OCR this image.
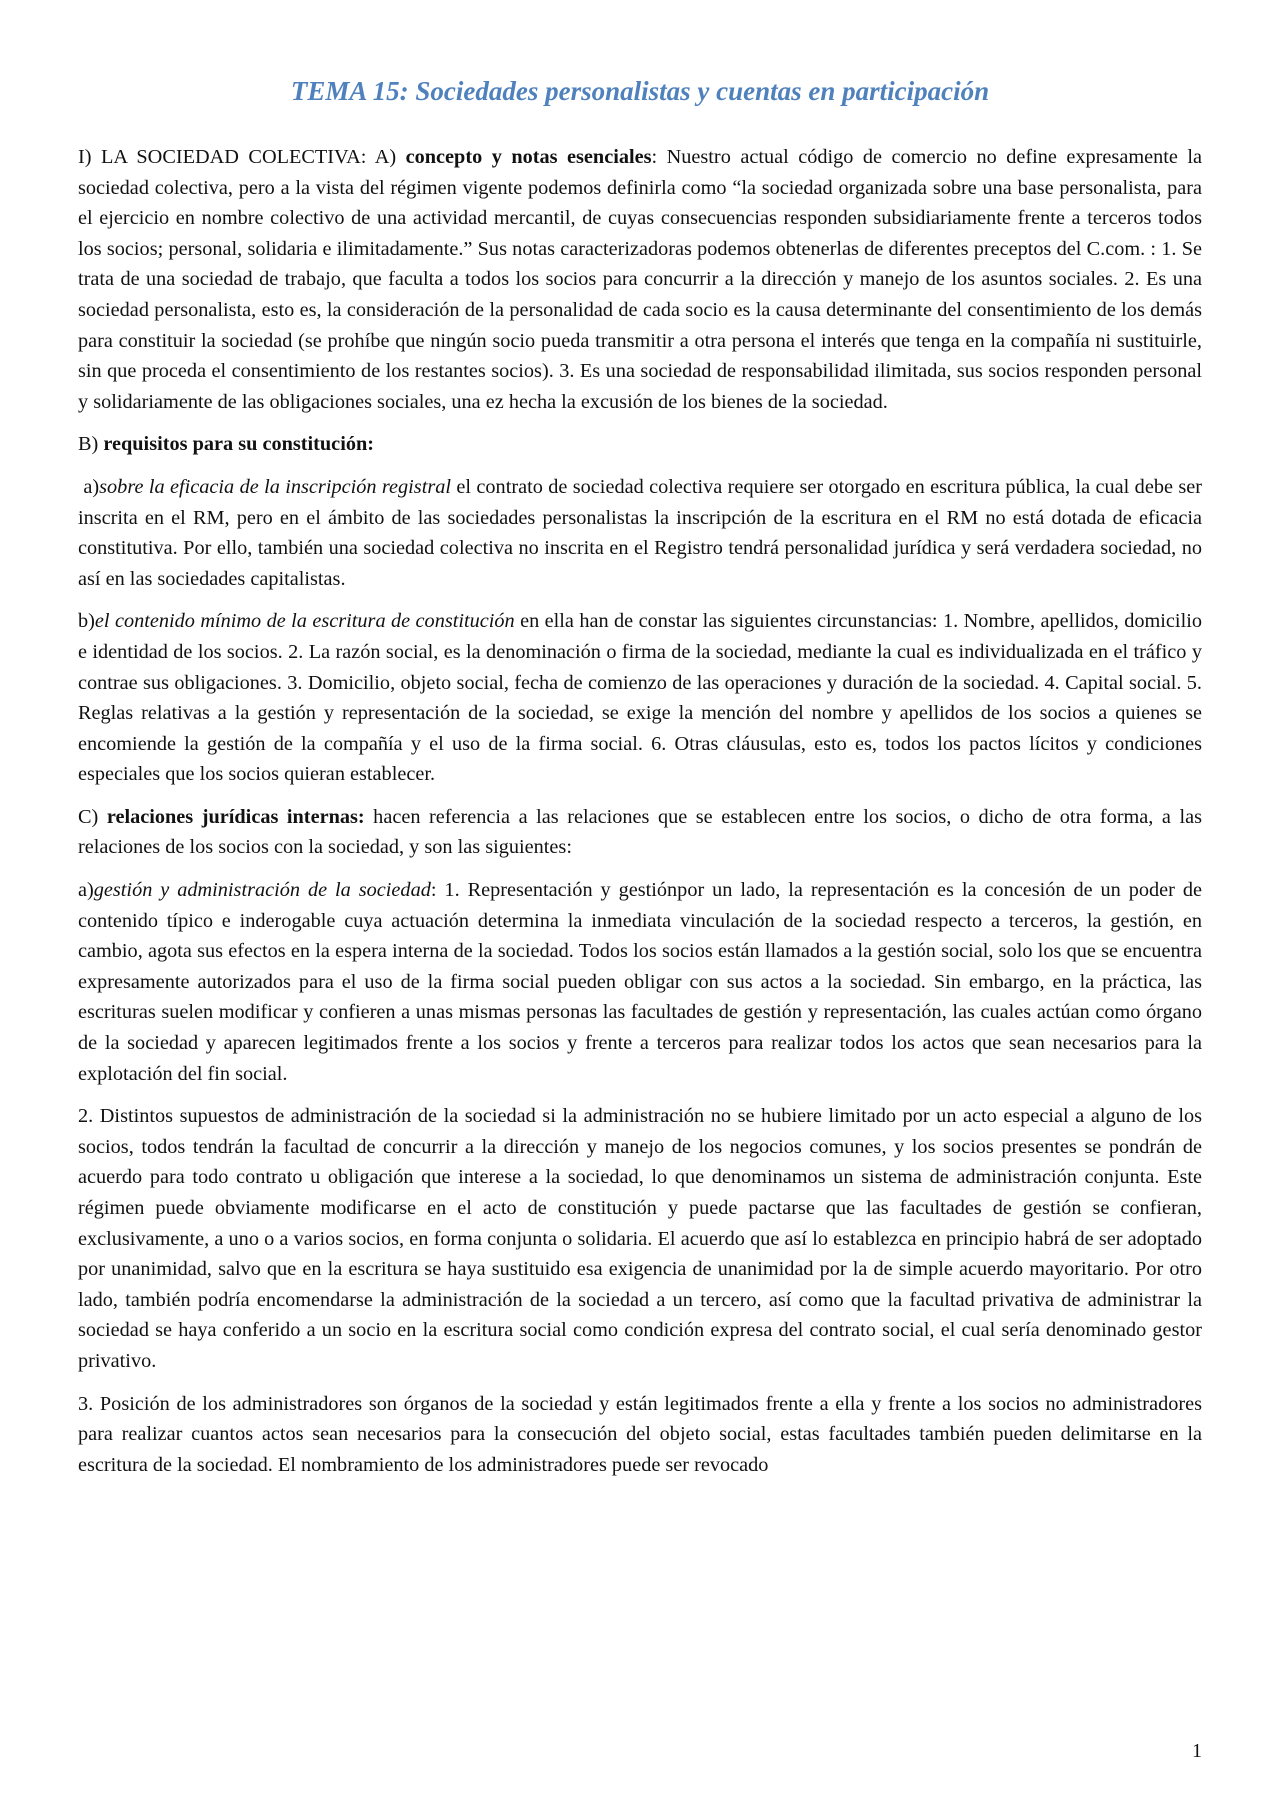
TEMA 15: Sociedades personalistas y cuentas en participación

I) LA SOCIEDAD COLECTIVA: A) concepto y notas esenciales: Nuestro actual código de comercio no define expresamente la sociedad colectiva, pero a la vista del régimen vigente podemos definirla como “la sociedad organizada sobre una base personalista, para el ejercicio en nombre colectivo de una actividad mercantil, de cuyas consecuencias responden subsidiariamente frente a terceros todos los socios; personal, solidaria e ilimitadamente.” Sus notas caracterizadoras podemos obtenerlas de diferentes preceptos del C.com. : 1. Se trata de una sociedad de trabajo, que faculta a todos los socios para concurrir a la dirección y manejo de los asuntos sociales. 2. Es una sociedad personalista, esto es, la consideración de la personalidad de cada socio es la causa determinante del consentimiento de los demás para constituir la sociedad (se prohíbe que ningún socio pueda transmitir a otra persona el interés que tenga en la compañía ni sustituirle, sin que proceda el consentimiento de los restantes socios). 3. Es una sociedad de responsabilidad ilimitada, sus socios responden personal y solidariamente de las obligaciones sociales, una ez hecha la excusión de los bienes de la sociedad.

B) requisitos para su constitución:

a)sobre la eficacia de la inscripción registral el contrato de sociedad colectiva requiere ser otorgado en escritura pública, la cual debe ser inscrita en el RM, pero en el ámbito de las sociedades personalistas la inscripción de la escritura en el RM no está dotada de eficacia constitutiva. Por ello, también una sociedad colectiva no inscrita en el Registro tendrá personalidad jurídica y será verdadera sociedad, no así en las sociedades capitalistas.

b)el contenido mínimo de la escritura de constitución en ella han de constar las siguientes circunstancias: 1. Nombre, apellidos, domicilio e identidad de los socios. 2. La razón social, es la denominación o firma de la sociedad, mediante la cual es individualizada en el tráfico y contrae sus obligaciones. 3. Domicilio, objeto social, fecha de comienzo de las operaciones y duración de la sociedad. 4. Capital social. 5. Reglas relativas a la gestión y representación de la sociedad, se exige la mención del nombre y apellidos de los socios a quienes se encomiende la gestión de la compañía y el uso de la firma social. 6. Otras cláusulas, esto es, todos los pactos lícitos y condiciones especiales que los socios quieran establecer.

C) relaciones jurídicas internas: hacen referencia a las relaciones que se establecen entre los socios, o dicho de otra forma, a las relaciones de los socios con la sociedad, y son las siguientes:

a)gestión y administración de la sociedad: 1. Representación y gestiónpor un lado, la representación es la concesión de un poder de contenido típico e inderogable cuya actuación determina la inmediata vinculación de la sociedad respecto a terceros, la gestión, en cambio, agota sus efectos en la espera interna de la sociedad. Todos los socios están llamados a la gestión social, solo los que se encuentra expresamente autorizados para el uso de la firma social pueden obligar con sus actos a la sociedad. Sin embargo, en la práctica, las escrituras suelen modificar y confieren a unas mismas personas las facultades de gestión y representación, las cuales actúan como órgano de la sociedad y aparecen legitimados frente a los socios y frente a terceros para realizar todos los actos que sean necesarios para la explotación del fin social.

2. Distintos supuestos de administración de la sociedad si la administración no se hubiere limitado por un acto especial a alguno de los socios, todos tendrán la facultad de concurrir a la dirección y manejo de los negocios comunes, y los socios presentes se pondrán de acuerdo para todo contrato u obligación que interese a la sociedad, lo que denominamos un sistema de administración conjunta. Este régimen puede obviamente modificarse en el acto de constitución y puede pactarse que las facultades de gestión se confieran, exclusivamente, a uno o a varios socios, en forma conjunta o solidaria. El acuerdo que así lo establezca en principio habrá de ser adoptado por unanimidad, salvo que en la escritura se haya sustituido esa exigencia de unanimidad por la de simple acuerdo mayoritario. Por otro lado, también podría encomendarse la administración de la sociedad a un tercero, así como que la facultad privativa de administrar la sociedad se haya conferido a un socio en la escritura social como condición expresa del contrato social, el cual sería denominado gestor privativo.

3. Posición de los administradores son órganos de la sociedad y están legitimados frente a ella y frente a los socios no administradores para realizar cuantos actos sean necesarios para la consecución del objeto social, estas facultades también pueden delimitarse en la escritura de la sociedad. El nombramiento de los administradores puede ser revocado

1
